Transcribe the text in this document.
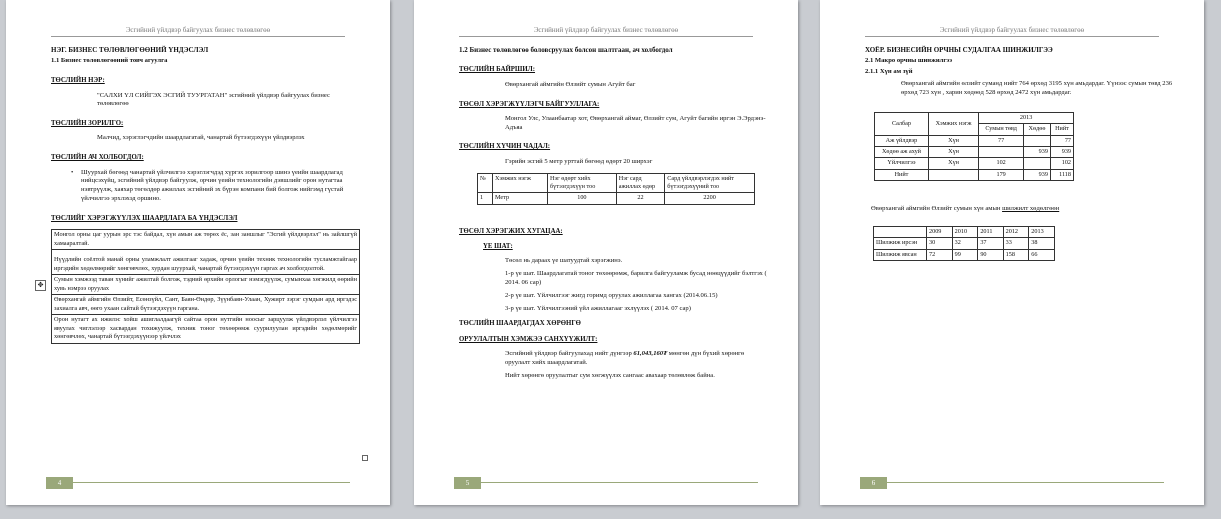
Эсгийний үйлдвэр байгуулах бизнес төлөвлөгөө
НЭГ. БИЗНЕС ТӨЛӨВЛӨГӨӨНИЙ ҮНДЭСЛЭЛ
1.1 Бизнес төлөвлөгөөний товч агуулга
ТӨСЛИЙН НЭР:
"САЛХИ ҮЛ СИЙГЭХ ЭСГИЙ ТУУРГАТАН" эсгийний үйлдвэр байгуулах бизнес төлөвлөгөө
ТӨСЛИЙН ЗОРИЛГО:
Малчид, хэрэглэгчдийн шаардлагатай, чанартай бүтээгдэхүүн үйлдвэрлэх
ТӨСЛИЙН АЧ ХОЛБОГДОЛ:
• Шуурхай бөгөөд чанартай үйлчилгээ хэрэглэгчдэд хүргэх зорилгоор шинэ үеийн шаардлагад нийцсэхүйц, эсгийний үйлдвэр байгуулж, орчин үеийн технологийн дэвшлийг орон нутагтаа нэвтрүүлж, хаяхар төгөлдөр ажиллах эсгийний эх бүрэн компани бий болгож нийгэмд гүстай үйлчилгээ эрхлэхэд оршино.
ТӨСЛИЙГ ХЭРЭГЖҮҮЛЭХ ШААРДЛАГА БА ҮНДЭСЛЭЛ
Монгол орны цаг уурын эрс тэс байдал, хүн амын аж төрөх ёс, зан заншлыг "Эсгий үйлдвэрлэл" нь зайлшгүй хамааралтай.
Нүүдлийн соёлтой манай орны уламжлалт ажилгааг хадаж, орчин үеийн техник технологийн тусламжтайгаар иргэдийн хөдөлмөрийг хөнгөвчлөх, хурдан шуурхай, чанартай бүтээгдэхүүн гаргах ач холбогдолтой.
Сумын хэмжээд таван хүнийг ажилтай болгож, тэдний өрхийн орлогыг нэмэгдүүлж, сумынхаа хөгжилд өөрийн хувь нэмрээ оруулах
Өвөрхангай аймгийн Өлзийт, Есөнзүйл, Сант, Баян-Өндөр, Зүүнбаян-Улаан, Хужирт зэрэг сумдын ард иргэдэс захиалга авч, өөго ухаан сайтай бүтээгдэхүүн гаргана.
Орон нутагт ах ижилэс хойш ашиглалдаагүй сайтаа орон нутгийн ноосыг зарцуулж үйлдвэрлэл үйлчилгээ явуулах чиглэлээр хасвардан тохижуулж, техник тоног төхөөрөмж суурилуулан иргэдийн хөдөлмөрийг хөнгөвчлөх, чанартай бүтээгдэхүүнээр үйлчлэх
✥
4
Эсгийний үйлдвэр байгуулах бизнес төлөвлөгөө
1.2 Бизнес төлөвлөгөө боловсруулах болсон шалтгаан, ач холбогдол
ТӨСЛИЙН БАЙРШИЛ:
Өвөрхангай аймгийн Өлзийт сумын Агуйт баг
ТӨСӨЛ ХЭРЭГЖҮҮЛЭГЧ БАЙГУУЛЛАГА:
Монгол Улс, Улаанбаатар хот, Өвөрхангай аймаг, Өлзийт сум, Агуйт багийн иргэн Э.Эрдэнэ-Адъяа
ТӨСЛИЙН ХҮЧИН ЧАДАЛ:
Гэрийн эсгий 5 метр урттай бөгөөд өдөрт 20 ширхэг
№	Хэмжих нэгж	Нэг өдөрт хийх бүтээгдэхүүн тоо	Нэг сард ажиллах өдөр	Сард үйлдвэрлэгдэх нийт бүтээгдэхүүний тоо
1	Метр	100	22	2200
ТӨСӨЛ ХЭРЭГЖИХ ХУГАЦАА:
ҮЕ ШАТ:
Төсөл нь дараах үе шатуудтай хэрэгжинэ.
1-р үе шат. Шаардлагатай тоног төхөөрөмж, барилга байгууламж бусад нөөцүүдийг бэлтгэх ( 2014. 06 сар)
2-р үе шат. Үйлчилгээг жигд горимд оруулах ажиллагаа хангах (2014.06.15)
3-р үе шат. Үйлчилгээний үйл ажиллагааг эхлүүлэх ( 2014. 07 сар)
ТӨСЛИЙН ШААРДАГДАХ ХӨРӨНГӨ
ОРУУЛАЛТЫН ХЭМЖЭЭ САНХҮҮЖИЛТ:
Эсгийний үйлдвэр байгуулахад нийт дүнгээр 61,043,160₮ мөнгөн дүн бүхий хөрөнгө оруулалт хийх шаардлагатай.
Нийт хөрөнгө оруулалтыг сум хөгжүүлэх сангаас авахаар төлөвлөж байна.
5
Эсгийний үйлдвэр байгуулах бизнес төлөвлөгөө
ХОЁР. БИЗНЕСИЙН ОРЧНЫ СУДАЛГАА ШИНЖИЛГЭЭ
2.1 Макро орчны шинжилгээ
2.1.1 Хүн ам зүй
Өвөрхангай аймгийн өлзийт суманд нийт 764 өрхөд 3195 хүн амьдардаг. Үүнээс сумын төвд 236 өрхөд 723 хүн , харин хөдөөд 528 өрхөд 2472 хүн амьдардаг.
Салбар	Хэмжих нэгж	2013		
		Сумын төвд	Хөдөө	Нийт
Аж үйлдвэр	Хүн	77		77
Хөдөө аж ахуй	Хүн		939	939
Үйлчилгээ	Хүн	102		102
Нийт		179	939	1118
Өвөрхангай аймгийн Өлзийт сумын хүн амын шилжилт хөдөлгөөн
	2009	2010	2011	2012	2013
Шилжиж ирсэн	30	32	37	33	38
Шилжиж явсан	72	99	90	158	66
6
